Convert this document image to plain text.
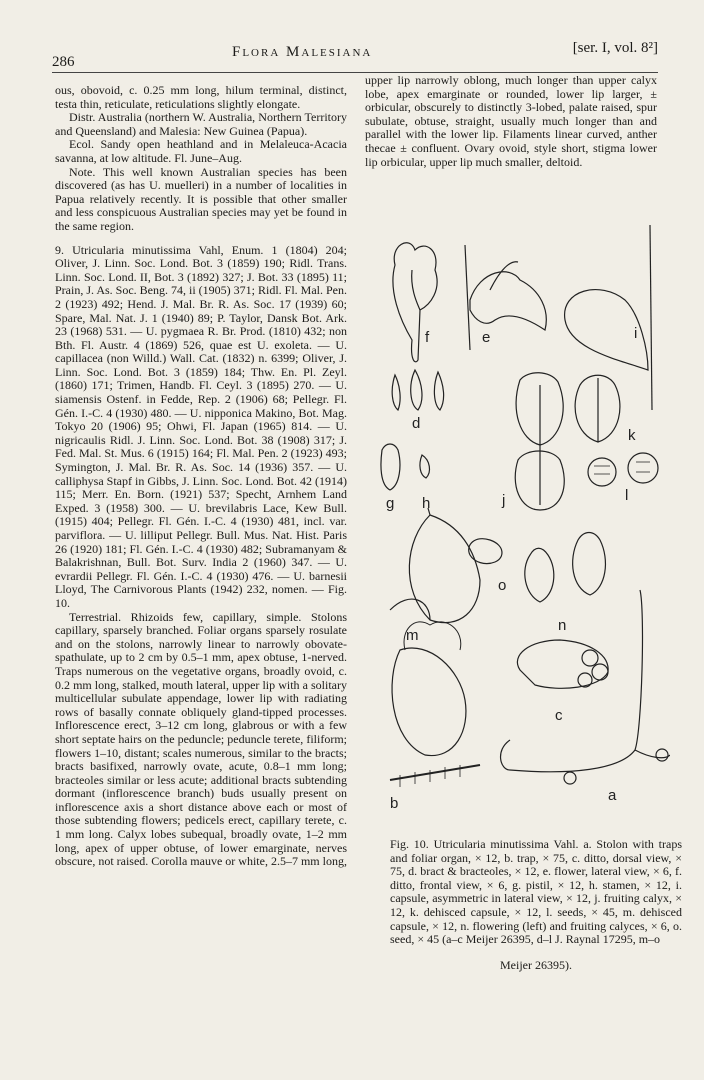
286
Flora Malesiana	[ser. I, vol. 8²]

ous, obovoid, c. 0.25 mm long, hilum terminal, distinct, testa thin, reticulate, reticulations slightly elongate.

Distr. Australia (northern W. Australia, Northern Territory and Queensland) and Malesia: New Guinea (Papua).

Ecol. Sandy open heathland and in Melaleuca-Acacia savanna, at low altitude. Fl. June–Aug.

Note. This well known Australian species has been discovered (as has U. muelleri) in a number of localities in Papua relatively recently. It is possible that other smaller and less conspicuous Australian species may yet be found in the same region.

9. Utricularia minutissima Vahl, Enum. 1 (1804) 204; Oliver, J. Linn. Soc. Lond. Bot. 3 (1859) 190; Ridl. Trans. Linn. Soc. Lond. II, Bot. 3 (1892) 327; J. Bot. 33 (1895) 11; Prain, J. As. Soc. Beng. 74, ii (1905) 371; Ridl. Fl. Mal. Pen. 2 (1923) 492; Hend. J. Mal. Br. R. As. Soc. 17 (1939) 60; Spare, Mal. Nat. J. 1 (1940) 89; P. Taylor, Dansk Bot. Ark. 23 (1968) 531. — U. pygmaea R. Br. Prod. (1810) 432; non Bth. Fl. Austr. 4 (1869) 526, quae est U. exoleta. — U. capillacea (non Willd.) Wall. Cat. (1832) n. 6399; Oliver, J. Linn. Soc. Lond. Bot. 3 (1859) 184; Thw. En. Pl. Zeyl. (1860) 171; Trimen, Handb. Fl. Ceyl. 3 (1895) 270. — U. siamensis Ostenf. in Fedde, Rep. 2 (1906) 68; Pellegr. Fl. Gén. I.-C. 4 (1930) 480. — U. nipponica Makino, Bot. Mag. Tokyo 20 (1906) 95; Ohwi, Fl. Japan (1965) 814. — U. nigricaulis Ridl. J. Linn. Soc. Lond. Bot. 38 (1908) 317; J. Fed. Mal. St. Mus. 6 (1915) 164; Fl. Mal. Pen. 2 (1923) 493; Symington, J. Mal. Br. R. As. Soc. 14 (1936) 357. — U. calliphysa Stapf in Gibbs, J. Linn. Soc. Lond. Bot. 42 (1914) 115; Merr. En. Born. (1921) 537; Specht, Arnhem Land Exped. 3 (1958) 300. — U. brevilabris Lace, Kew Bull. (1915) 404; Pellegr. Fl. Gén. I.-C. 4 (1930) 481, incl. var. parviflora. — U. lilliput Pellegr. Bull. Mus. Nat. Hist. Paris 26 (1920) 181; Fl. Gén. I.-C. 4 (1930) 482; Subramanyam & Balakrishnan, Bull. Bot. Surv. India 2 (1960) 347. — U. evrardii Pellegr. Fl. Gén. I.-C. 4 (1930) 476. — U. barnesii Lloyd, The Carnivorous Plants (1942) 232, nomen. — Fig. 10.

Terrestrial. Rhizoids few, capillary, simple. Stolons capillary, sparsely branched. Foliar organs sparsely rosulate and on the stolons, narrowly linear to narrowly obovate-spathulate, up to 2 cm by 0.5–1 mm, apex obtuse, 1-nerved. Traps numerous on the vegetative organs, broadly ovoid, c. 0.2 mm long, stalked, mouth lateral, upper lip with a solitary multicellular subulate appendage, lower lip with radiating rows of basally connate obliquely gland-tipped processes. Inflorescence erect, 3–12 cm long, glabrous or with a few short septate hairs on the peduncle; peduncle terete, filiform; flowers 1–10, distant; scales numerous, similar to the bracts; bracts basifixed, narrowly ovate, acute, 0.8–1 mm long; bracteoles similar or less acute; additional bracts subtending dormant (inflorescence branch) buds usually present on inflorescence axis a short distance above each or most of those subtending flowers; pedicels erect, capillary terete, c. 1 mm long. Calyx lobes subequal, broadly ovate, 1–2 mm long, apex of upper obtuse, of lower emarginate, nerves obscure, not raised. Corolla mauve or white, 2.5–7 mm long,

upper lip narrowly oblong, much longer than upper calyx lobe, apex emarginate or rounded, lower lip larger, ± orbicular, obscurely to distinctly 3-lobed, palate raised, spur subulate, obtuse, straight, usually much longer than and parallel with the lower lip. Filaments linear curved, anther thecae ± confluent. Ovary ovoid, style short, stigma lower lip orbicular, upper lip much smaller, deltoid.

f	e	i
d
k
l
g h	j
o
m
n
c
b	a

Fig. 10. Utricularia minutissima Vahl. a. Stolon with traps and foliar organ, × 12, b. trap, × 75, c. ditto, dorsal view, × 75, d. bract & bracteoles, × 12, e. flower, lateral view, × 6, f. ditto, frontal view, × 6, g. pistil, × 12, h. stamen, × 12, i. capsule, asymmetric in lateral view, × 12, j. fruiting calyx, × 12, k. dehisced capsule, × 12, l. seeds, × 45, m. dehisced capsule, × 12, n. flowering (left) and fruiting calyces, × 6, o. seed, × 45 (a–c Meijer 26395, d–l J. Raynal 17295, m–o

Meijer 26395).
